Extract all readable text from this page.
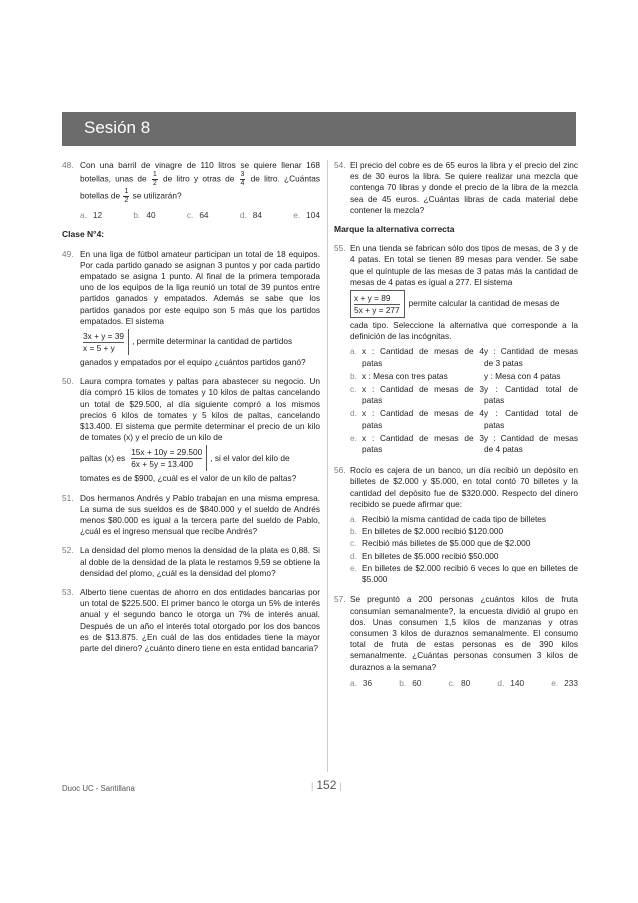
Sesión 8
48. Con una barril de vinagre de 110 litros se quiere llenar 168 botellas, unas de $\frac{1}{2}$ de litro y otras de $\frac{3}{4}$ de litro. ¿Cuántas botellas de $\frac{1}{2}$ se utilizarán?
a. 12	b. 40	c. 64	d. 84	e. 104
Clase N°4:
49. En una liga de fútbol amateur participan un total de 18 equipos. Por cada partido ganado se asignan 3 puntos y por cada partido empatado se asigna 1 punto. Al final de la primera temporada uno de los equipos de la liga reunió un total de 39 puntos entre partidos ganados y empatados. Además se sabe que los partidos ganados por este equipo son 5 más que los partidos empatados. El sistema
3x + y = 39
x = 5 + y
, permite determinar la cantidad de partidos
ganados y empatados por el equipo ¿cuántos partidos ganó?
50. Laura compra tomates y paltas para abastecer su negocio. Un día compró 15 kilos de tomates y 10 kilos de paltas cancelando un total de $29.500, al día siguiente compró a los mismos precios 6 kilos de tomates y 5 kilos de paltas, cancelando $13.400. El sistema que permite determinar el precio de un kilo de tomates (x) y el precio de un kilo de
paltas (x) es
15x + 10y = 29.500
6x + 5y = 13.400
, si el valor del kilo de
tomates es de $900, ¿cuál es el valor de un kilo de paltas?
51. Dos hermanos Andrés y Pablo trabajan en una misma empresa. La suma de sus sueldos es de $840.000 y el sueldo de Andrés menos $80.000 es igual a la tercera parte del sueldo de Pablo, ¿cuál es el ingreso mensual que recibe Andrés?
52. La densidad del plomo menos la densidad de la plata es 0,88. Si al doble de la densidad de la plata le restamos 9,59 se obtiene la densidad del plomo, ¿cuál es la densidad del plomo?
53. Alberto tiene cuentas de ahorro en dos entidades bancarias por un total de $225.500. El primer banco le otorga un 5% de interés anual y el segundo banco le otorga un 7% de interés anual. Después de un año el interés total otorgado por los dos bancos es de $13.875. ¿En cuál de las dos entidades tiene la mayor parte del dinero? ¿cuánto dinero tiene en esta entidad bancaria?
54. El precio del cobre es de 65 euros la libra y el precio del zinc es de 30 euros la libra. Se quiere realizar una mezcla que contenga 70 libras y donde el precio de la libra de la mezcla sea de 45 euros. ¿Cuántas libras de cada material debe contener la mezcla?
Marque la alternativa correcta
55. En una tienda se fabrican sólo dos tipos de mesas, de 3 y de 4 patas. En total se tienen 89 mesas para vender. Se sabe que el quíntuple de las mesas de 3 patas más la cantidad de mesas de 4 patas es igual a 277. El sistema
x + y = 89
5x + y = 277
permite calcular la cantidad de mesas de
cada tipo. Seleccione la alternativa que corresponde a la definición de las incógnitas.
a. x : Cantidad de mesas de 4 patas
y : Cantidad de mesas de 3 patas
b. x : Mesa con tres patas	y : Mesa con 4 patas
c. x : Cantidad de mesas de 3 patas
y : Cantidad total de patas
d. x : Cantidad de mesas de 4 patas
y : Cantidad total de patas
e. x : Cantidad de mesas de 3 patas
y : Cantidad de mesas de 4 patas
56. Rocío es cajera de un banco, un día recibió un depósito en billetes de $2.000 y $5.000, en total contó 70 billetes y la cantidad del depósito fue de $320.000. Respecto del dinero recibido se puede afirmar que:
a. Recibió la misma cantidad de cada tipo de billetes
b. En billetes de $2.000 recibió $120.000
c. Recibió más billetes de $5.000 que de $2.000
d. En billetes de $5.000 recibió $50.000
e. En billetes de $2.000 recibió 6 veces lo que en billetes de $5.000
57. Se preguntó a 200 personas ¿cuántos kilos de fruta consumían semanalmente?, la encuesta dividió al grupo en dos. Unas consumen 1,5 kilos de manzanas y otras consumen 3 kilos de duraznos semanalmente. El consumo total de fruta de estas personas es de 390 kilos semanalmente. ¿Cuántas personas consumen 3 kilos de duraznos a la semana?
a. 36	b. 60	c. 80	d. 140	e. 233
Duoc UC - Santillana
|	152 |
